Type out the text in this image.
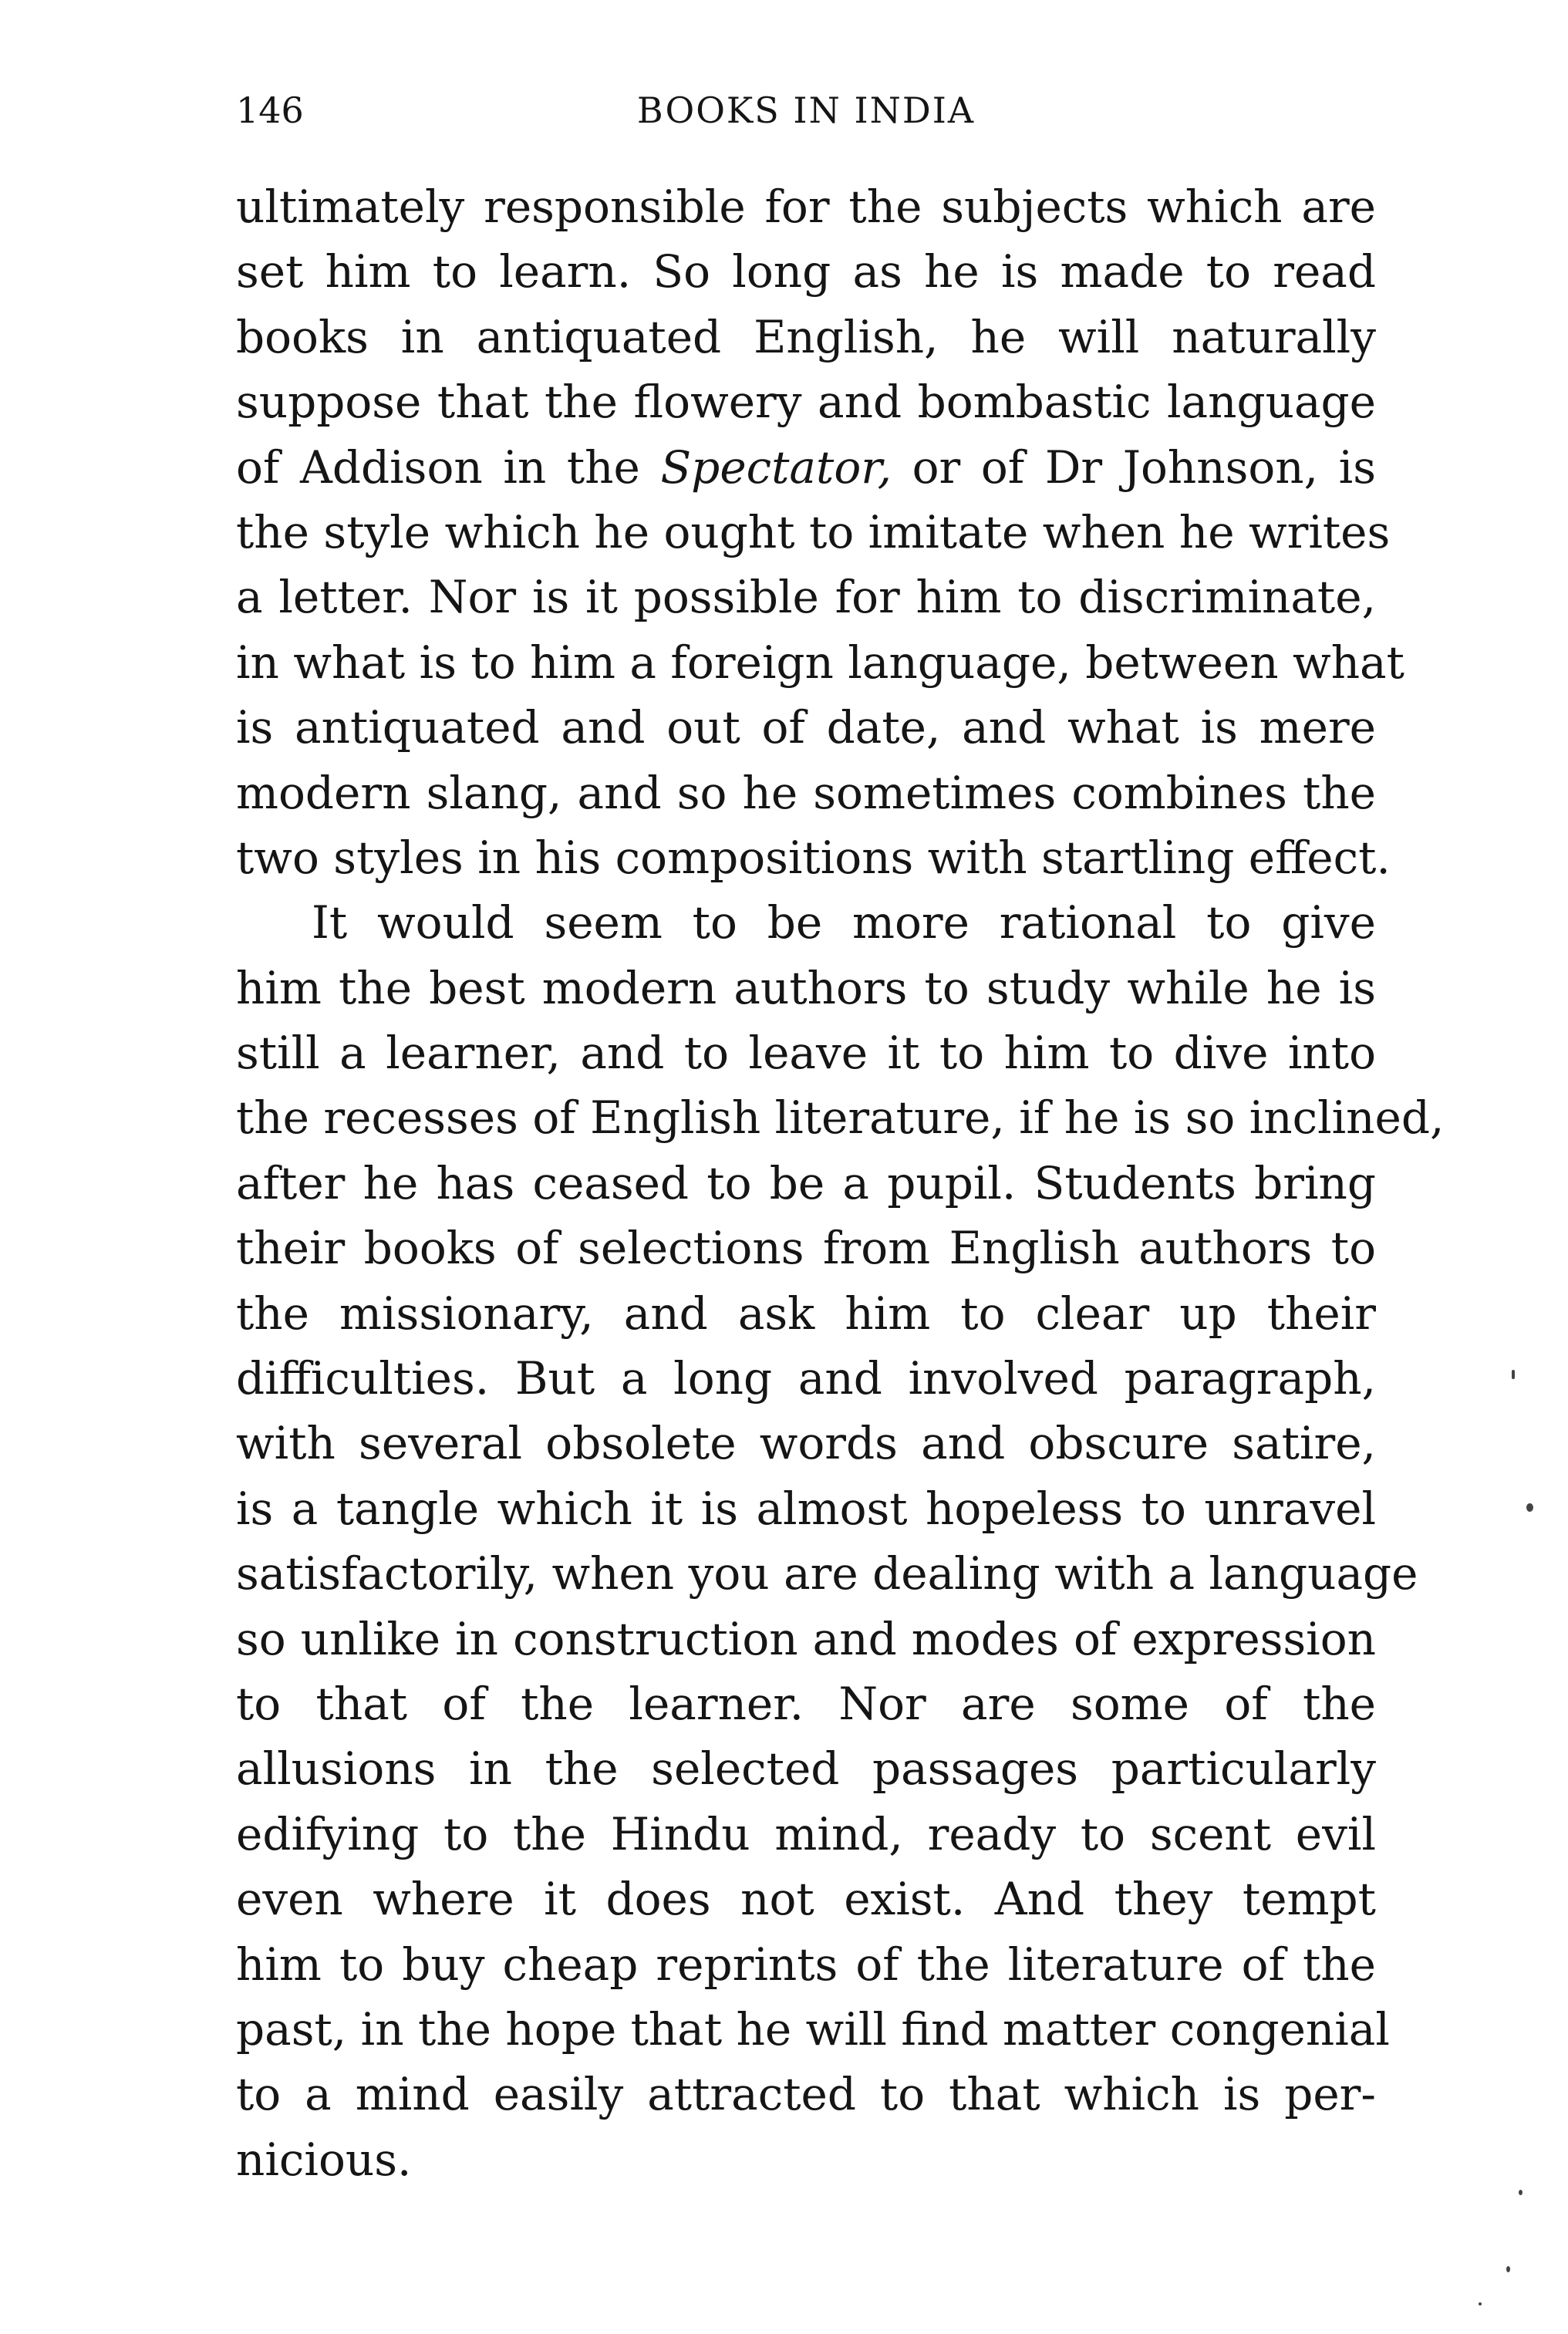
146	BOOKS IN INDIA
ultimately responsible for the subjects which are
set him to learn. So long as he is made to read
books in antiquated English, he will naturally
suppose that the flowery and bombastic language
of Addison in the Spectator, or of Dr Johnson, is
the style which he ought to imitate when he writes
a letter. Nor is it possible for him to discriminate,
in what is to him a foreign language, between what
is antiquated and out of date, and what is mere
modern slang, and so he sometimes combines the
two styles in his compositions with startling effect.
It would seem to be more rational to give
him the best modern authors to study while he is
still a learner, and to leave it to him to dive into
the recesses of English literature, if he is so inclined,
after he has ceased to be a pupil. Students bring
their books of selections from English authors to
the missionary, and ask him to clear up their
difficulties. But a long and involved paragraph,
with several obsolete words and obscure satire,
is a tangle which it is almost hopeless to unravel
satisfactorily, when you are dealing with a language
so unlike in construction and modes of expression
to that of the learner. Nor are some of the
allusions in the selected passages particularly
edifying to the Hindu mind, ready to scent evil
even where it does not exist. And they tempt
him to buy cheap reprints of the literature of the
past, in the hope that he will find matter congenial
to a mind easily attracted to that which is per-
nicious.
